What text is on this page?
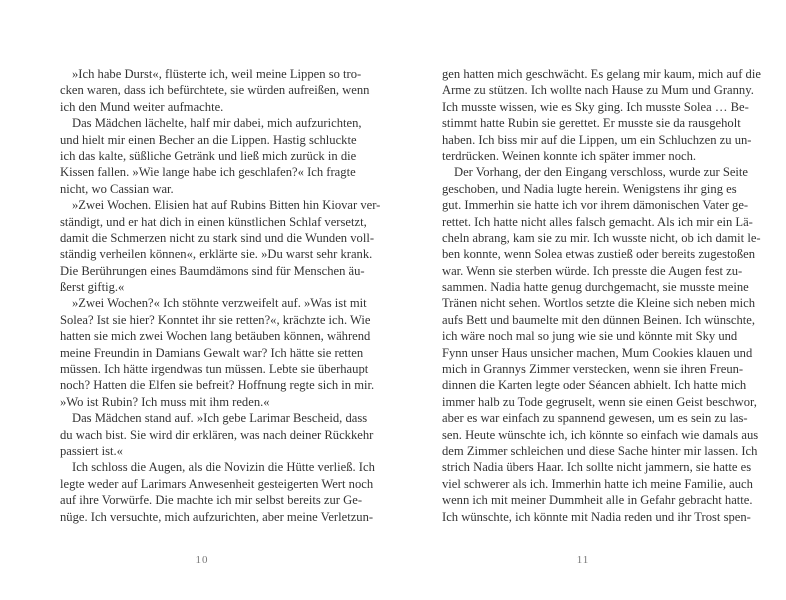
»Ich habe Durst«, flüsterte ich, weil meine Lippen so tro-
cken waren, dass ich befürchtete, sie würden aufreißen, wenn
ich den Mund weiter aufmachte.
Das Mädchen lächelte, half mir dabei, mich aufzurichten,
und hielt mir einen Becher an die Lippen. Hastig schluckte
ich das kalte, süßliche Getränk und ließ mich zurück in die
Kissen fallen. »Wie lange habe ich geschlafen?« Ich fragte
nicht, wo Cassian war.
»Zwei Wochen. Elisien hat auf Rubins Bitten hin Kiovar ver-
ständigt, und er hat dich in einen künstlichen Schlaf versetzt,
damit die Schmerzen nicht zu stark sind und die Wunden voll-
ständig verheilen können«, erklärte sie. »Du warst sehr krank.
Die Berührungen eines Baumdämons sind für Menschen äu-
ßerst giftig.«
»Zwei Wochen?« Ich stöhnte verzweifelt auf. »Was ist mit
Solea? Ist sie hier? Konntet ihr sie retten?«, krächzte ich. Wie
hatten sie mich zwei Wochen lang betäuben können, während
meine Freundin in Damians Gewalt war? Ich hätte sie retten
müssen. Ich hätte irgendwas tun müssen. Lebte sie überhaupt
noch? Hatten die Elfen sie befreit? Hoffnung regte sich in mir.
»Wo ist Rubin? Ich muss mit ihm reden.«
Das Mädchen stand auf. »Ich gebe Larimar Bescheid, dass
du wach bist. Sie wird dir erklären, was nach deiner Rückkehr
passiert ist.«
Ich schloss die Augen, als die Novizin die Hütte verließ. Ich
legte weder auf Larimars Anwesenheit gesteigerten Wert noch
auf ihre Vorwürfe. Die machte ich mir selbst bereits zur Ge-
nüge. Ich versuchte, mich aufzurichten, aber meine Verletzun-
10
gen hatten mich geschwächt. Es gelang mir kaum, mich auf die
Arme zu stützen. Ich wollte nach Hause zu Mum und Granny.
Ich musste wissen, wie es Sky ging. Ich musste Solea … Be-
stimmt hatte Rubin sie gerettet. Er musste sie da rausgeholt
haben. Ich biss mir auf die Lippen, um ein Schluchzen zu un-
terdrücken. Weinen konnte ich später immer noch.
Der Vorhang, der den Eingang verschloss, wurde zur Seite
geschoben, und Nadia lugte herein. Wenigstens ihr ging es
gut. Immerhin sie hatte ich vor ihrem dämonischen Vater ge-
rettet. Ich hatte nicht alles falsch gemacht. Als ich mir ein Lä-
cheln abrang, kam sie zu mir. Ich wusste nicht, ob ich damit le-
ben konnte, wenn Solea etwas zustieß oder bereits zugestoßen
war. Wenn sie sterben würde. Ich presste die Augen fest zu-
sammen. Nadia hatte genug durchgemacht, sie musste meine
Tränen nicht sehen. Wortlos setzte die Kleine sich neben mich
aufs Bett und baumelte mit den dünnen Beinen. Ich wünschte,
ich wäre noch mal so jung wie sie und könnte mit Sky und
Fynn unser Haus unsicher machen, Mum Cookies klauen und
mich in Grannys Zimmer verstecken, wenn sie ihren Freun-
dinnen die Karten legte oder Séancen abhielt. Ich hatte mich
immer halb zu Tode gegruselt, wenn sie einen Geist beschwor,
aber es war einfach zu spannend gewesen, um es sein zu las-
sen. Heute wünschte ich, ich könnte so einfach wie damals aus
dem Zimmer schleichen und diese Sache hinter mir lassen. Ich
strich Nadia übers Haar. Ich sollte nicht jammern, sie hatte es
viel schwerer als ich. Immerhin hatte ich meine Familie, auch
wenn ich mit meiner Dummheit alle in Gefahr gebracht hatte.
Ich wünschte, ich könnte mit Nadia reden und ihr Trost spen-
11
